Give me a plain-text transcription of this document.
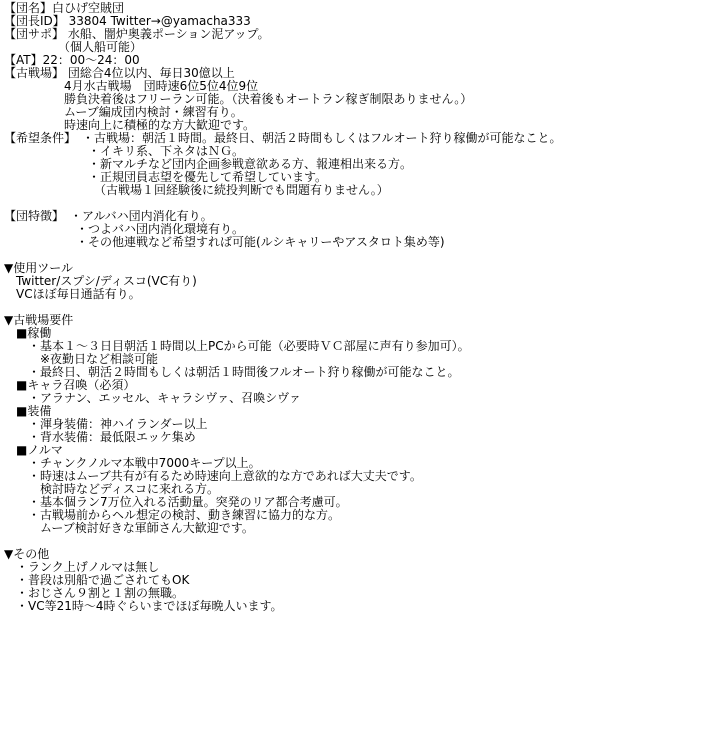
【団名】白ひげ空賊団
【団長ID】 33804 Twitter→@yamacha333
【団サポ】 水船、闇炉奥義ポーション泥アップ。
　　　　　（個人船可能）
【AT】22：00～24：00
【古戦場】 団総合4位以内、毎日30億以上
　　　　　4月水古戦場　団時速6位5位4位9位
　　　　　勝負決着後はフリーラン可能。（決着後もオートラン稼ぎ制限ありません。）
　　　　　ムーブ編成団内検討・練習有り。
　　　　　時速向上に積極的な方大歓迎です。
【希望条件】　・古戦場：朝活１時間。最終日、朝活２時間もしくはフルオート狩り稼働が可能なこと。
　　　　　　　・イキリ系、下ネタはＮＧ。
　　　　　　　・新マルチなど団内企画参戦意欲ある方、報連相出来る方。
　　　　　　　・正規団員志望を優先して希望しています。
　　　　　　　　（古戦場１回経験後に続投判断でも問題有りません。）
【団特徴】　・アルバハ団内消化有り。
　　　　　　・つよバハ団内消化環境有り。
　　　　　　・その他連戦など希望すれば可能(ルシキャリーやアスタロト集め等)
▼使用ツール
　Twitter/スプシ/ディスコ(VC有り)
　VCほぼ毎日通話有り。
▼古戦場要件
　■稼働
　　・基本１～３日目朝活１時間以上PCから可能（必要時ＶＣ部屋に声有り参加可）。
　　　※夜勤日など相談可能
　　・最終日、朝活２時間もしくは朝活１時間後フルオート狩り稼働が可能なこと。
　■キャラ召喚（必須）
　　・アラナン、エッセル、キャラシヴァ、召喚シヴァ
　■装備
　　・渾身装備：神ハイランダー以上
　　・背水装備：最低限エッケ集め
　■ノルマ
　　・チャンクノルマ本戦中7000キープ以上。
　　・時速はムーブ共有が有るため時速向上意欲的な方であれば大丈夫です。
　　　検討時などディスコに来れる方。
　　・基本個ラン7万位入れる活動量。突発のリア都合考慮可。
　　・古戦場前からヘル想定の検討、動き練習に協力的な方。
　　　ムーブ検討好きな軍師さん大歓迎です。
▼その他
　・ランク上げノルマは無し
　・普段は別船で過ごされてもOK
　・おじさん９割と１割の無職。
　・VC等21時～4時ぐらいまでほぼ毎晩人います。
